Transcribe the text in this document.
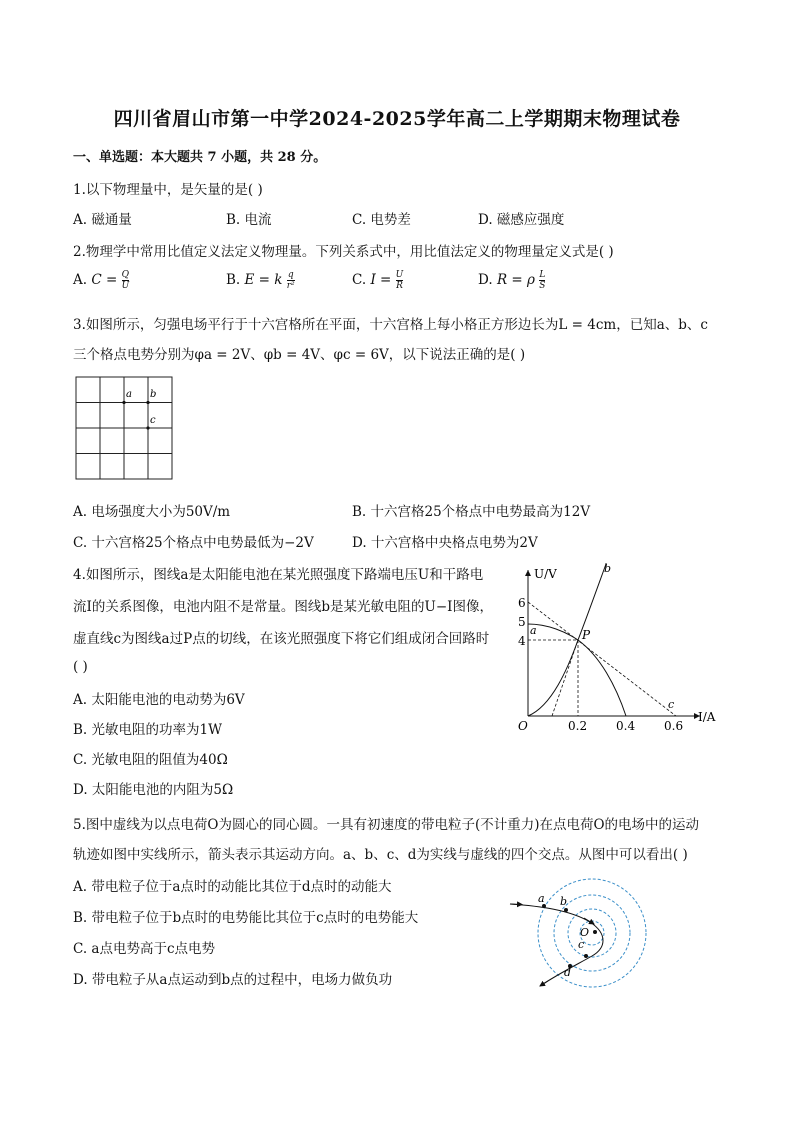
四川省眉山市第一中学2024-2025学年高二上学期期末物理试卷
一、单选题：本大题共 7 小题，共 28 分。
1.以下物理量中，是矢量的是( )
A. 磁通量	B. 电流	C. 电势差	D. 磁感应强度
2.物理学中常用比值定义法定义物理量。下列关系式中，用比值法定义的物理量定义式是( )
A. $C = \frac{Q}{U}$	B. E = k $\frac{q}{\text{r²}}$	C. $I = \frac{U}{R}$	D. R = ρ $\frac{L}{S}$
3.如图所示，匀强电场平行于十六宫格所在平面，十六宫格上每小格正方形边长为L = 4cm，已知a、b、c
三个格点电势分别为φa = 2V、φb = 4V、φc = 6V，以下说法正确的是( )
a b
c
A. 电场强度大小为50V/m	B. 十六宫格25个格点中电势最高为12V
C. 十六宫格25个格点中电势最低为−2V	D. 十六宫格中央格点电势为2V
4.如图所示，图线a是太阳能电池在某光照强度下路端电压U和干路电
流I的关系图像，电池内阻不是常量。图线b是某光敏电阻的U−I图像，
虚直线c为图线a过P点的切线，在该光照强度下将它们组成闭合回路时
( )
A. 太阳能电池的电动势为6V
B. 光敏电阻的功率为1W
C. 光敏电阻的阻值为40Ω
D. 太阳能电池的内阻为5Ω
U/V
I/A
O
6
5
4
0.2 0.4 0.6
c
a
b
P
5.图中虚线为以点电荷O为圆心的同心圆。一具有初速度的带电粒子(不计重力)在点电荷O的电场中的运动
轨迹如图中实线所示，箭头表示其运动方向。a、b、c、d为实线与虚线的四个交点。从图中可以看出( )
A. 带电粒子位于a点时的动能比其位于d点时的动能大
B. 带电粒子位于b点时的电势能比其位于c点时的电势能大
C. a点电势高于c点电势
D. 带电粒子从a点运动到b点的过程中，电场力做负功
O
a b
c
d
